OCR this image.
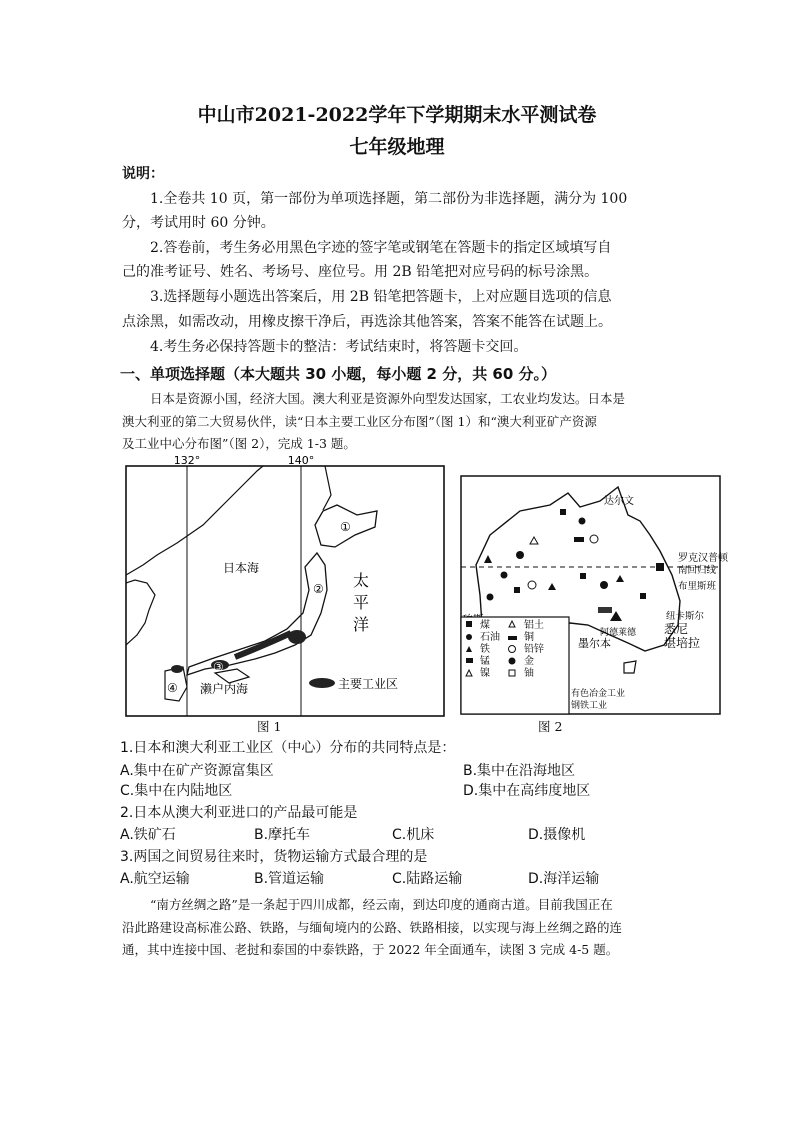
中山市2021-2022学年下学期期末水平测试卷
七年级地理
说明：
1.全卷共 10 页，第一部份为单项选择题，第二部份为非选择题，满分为 100
分，考试用时 60 分钟。
2.答卷前，考生务必用黑色字迹的签字笔或钢笔在答题卡的指定区域填写自
己的准考证号、姓名、考场号、座位号。用 2B 铅笔把对应号码的标号涂黑。
3.选择题每小题选出答案后，用 2B 铅笔把答题卡，上对应题目选项的信息
点涂黑，如需改动，用橡皮擦干净后，再选涂其他答案，答案不能答在试题上。
4.考生务必保持答题卡的整洁：考试结束时，将答题卡交回。
一、单项选择题（本大题共 30 小题，每小题 2 分，共 60 分。）
日本是资源小国，经济大国。澳大利亚是资源外向型发达国家，工农业均发达。日本是
澳大利亚的第二大贸易伙伴，读“日本主要工业区分布图”（图 1）和“澳大利亚矿产资源
及工业中心分布图”（图 2），完成 1-3 题。
132°	140°
①
②
④
③
日本海
太
平
洋
濑户内海	主要工业区
图 1
达尔文
罗克汉普顿
南回归线
布里斯班
纽卡斯尔
悉尼
堪培拉
阿德莱德
墨尔本
煤
石油
铁
锰
镍
铝土
铜
铅锌
金
铀
有色冶金工业
钢铁工业
图 2
1.日本和澳大利亚工业区（中心）分布的共同特点是：
A.集中在矿产资源富集区	B.集中在沿海地区
C.集中在内陆地区	D.集中在高纬度地区
2.日本从澳大利亚进口的产品最可能是
A.铁矿石	B.摩托车	C.机床	D.摄像机
3.两国之间贸易往来时，货物运输方式最合理的是
A.航空运输	B.管道运输	C.陆路运输	D.海洋运输
“南方丝绸之路”是一条起于四川成都，经云南，到达印度的通商古道。目前我国正在
沿此路建设高标准公路、铁路，与缅甸境内的公路、铁路相接，以实现与海上丝绸之路的连
通，其中连接中国、老挝和泰国的中泰铁路，于 2022 年全面通车，读图 3 完成 4-5 题。
